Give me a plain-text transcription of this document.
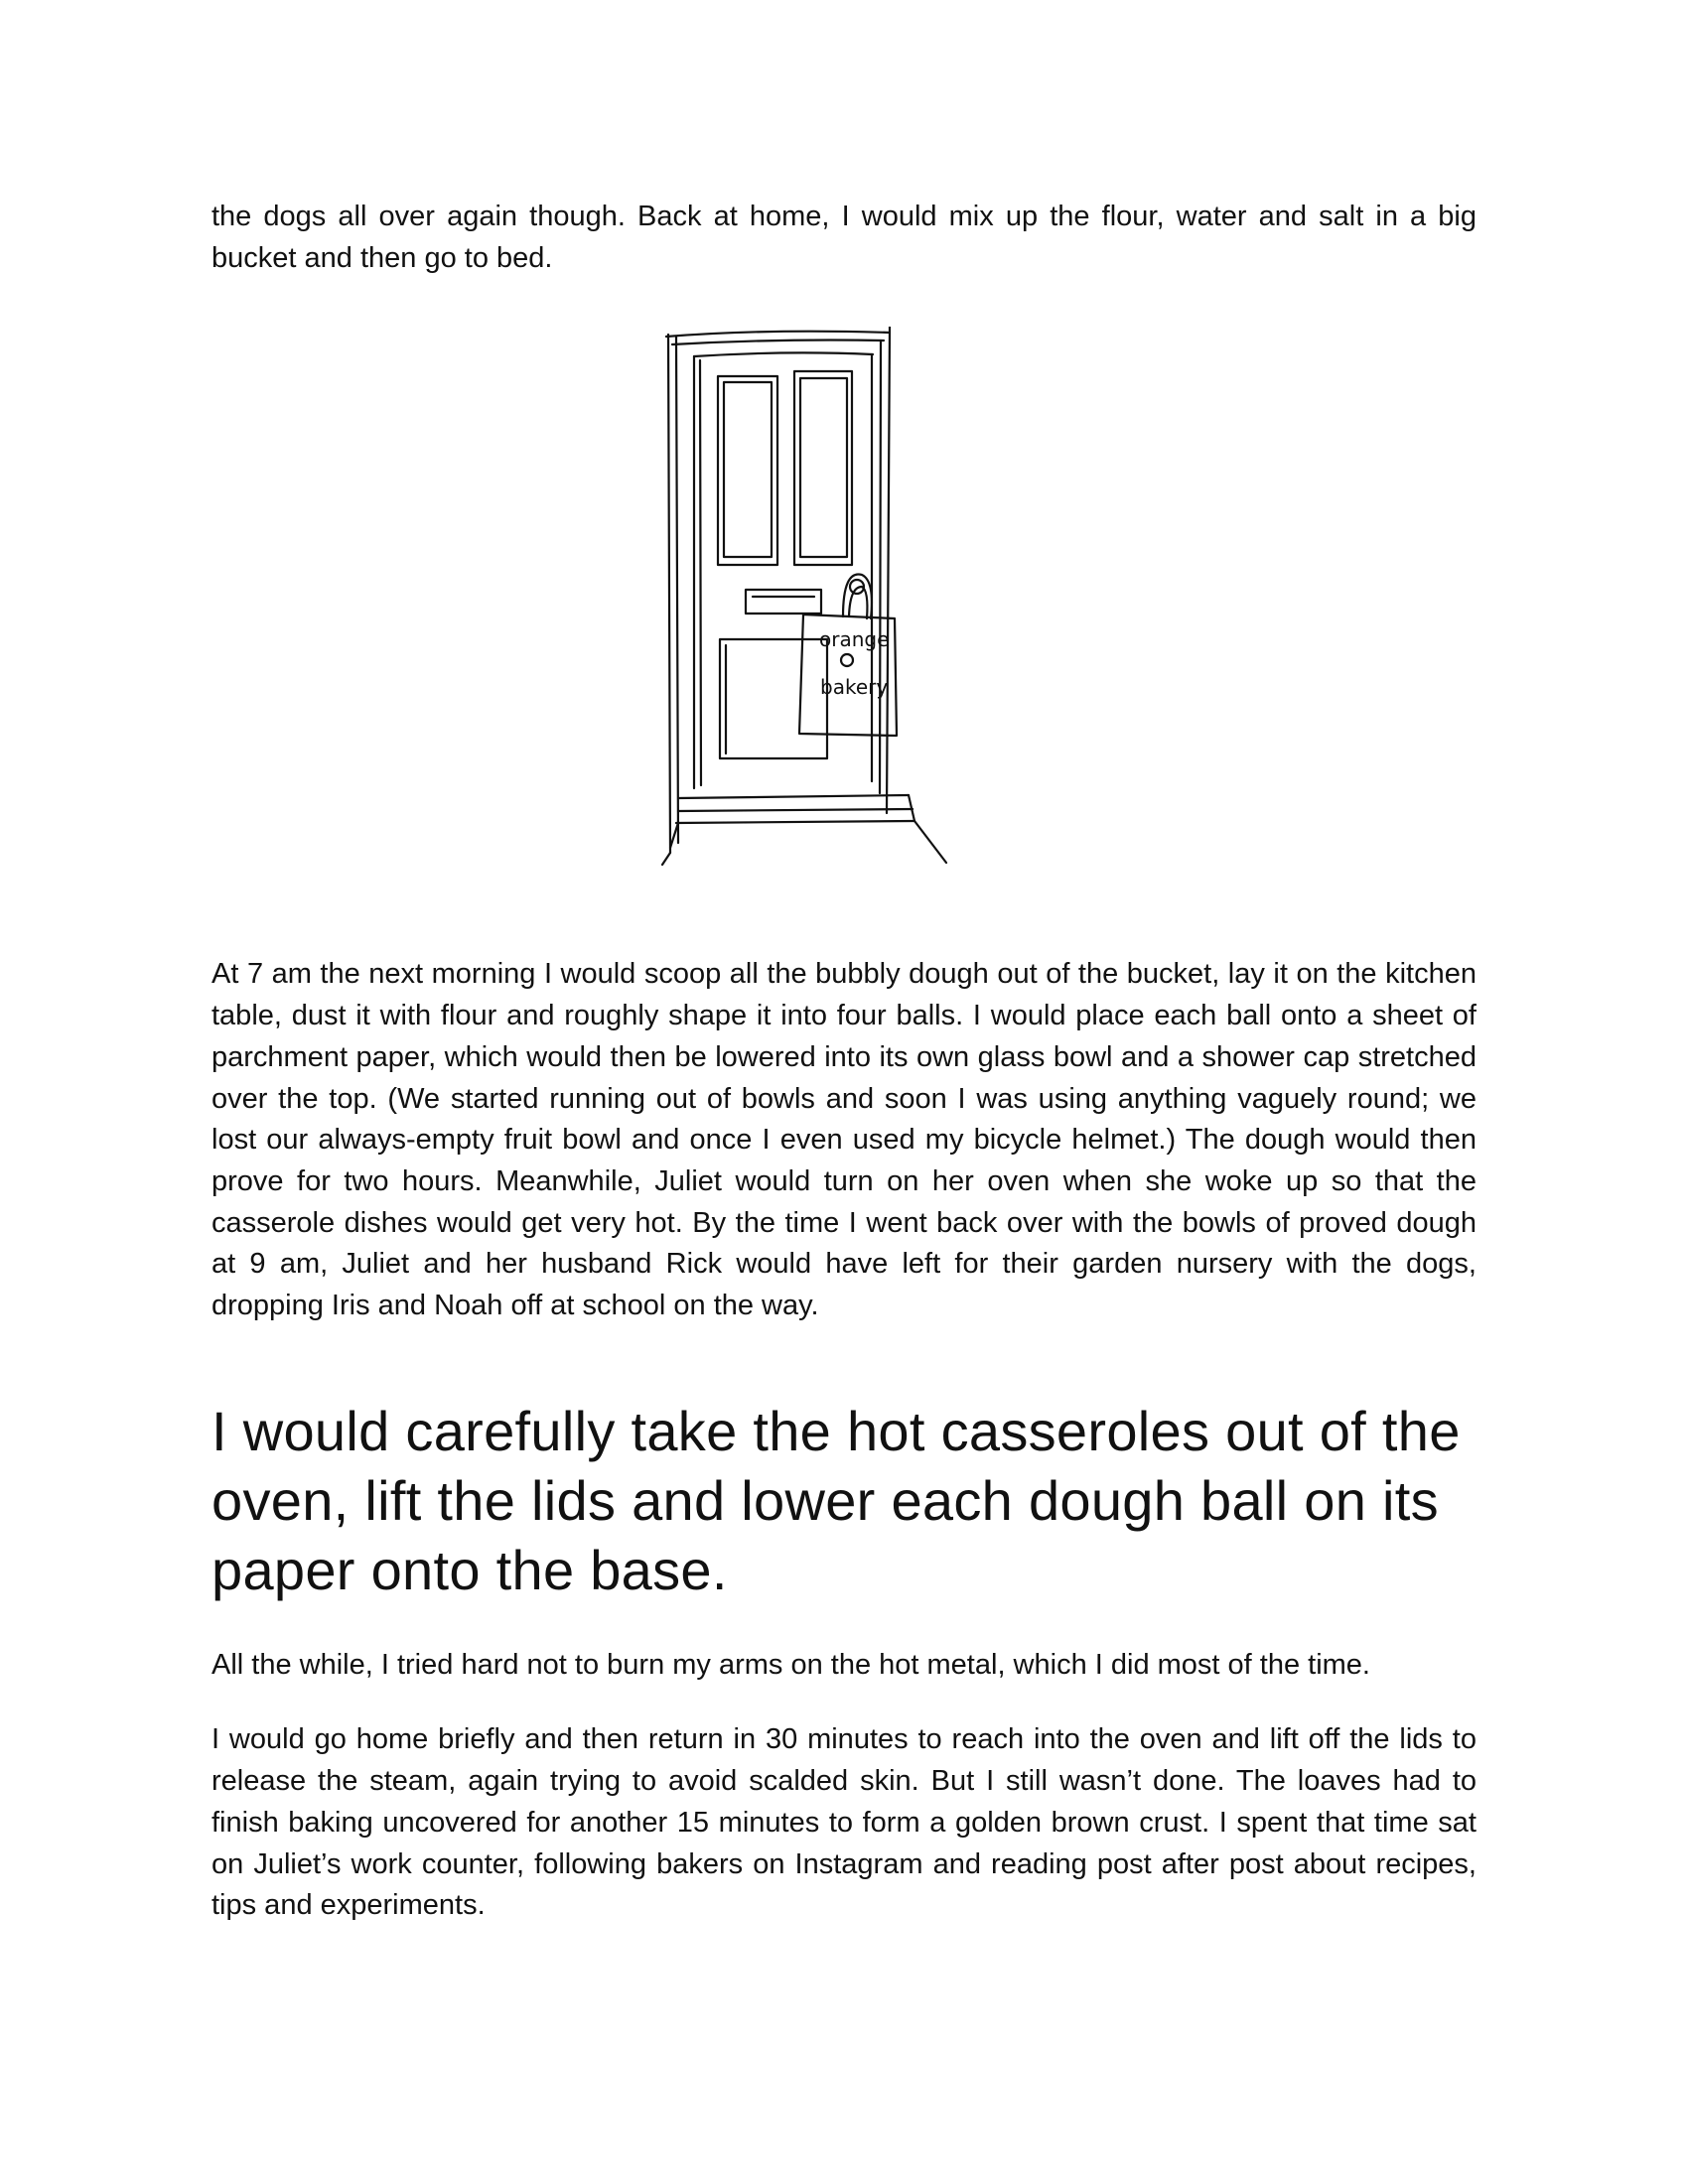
the dogs all over again though. Back at home, I would mix up the flour, water and salt in a big bucket and then go to bed.

orange
bakery

At 7 am the next morning I would scoop all the bubbly dough out of the bucket, lay it on the kitchen table, dust it with flour and roughly shape it into four balls. I would place each ball onto a sheet of parchment paper, which would then be lowered into its own glass bowl and a shower cap stretched over the top. (We started running out of bowls and soon I was using anything vaguely round; we lost our always-empty fruit bowl and once I even used my bicycle helmet.) The dough would then prove for two hours. Meanwhile, Juliet would turn on her oven when she woke up so that the casserole dishes would get very hot. By the time I went back over with the bowls of proved dough at 9 am, Juliet and her husband Rick would have left for their garden nursery with the dogs, dropping Iris and Noah off at school on the way.

I would carefully take the hot casseroles out of the oven, lift the lids and lower each dough ball on its paper onto the base.

All the while, I tried hard not to burn my arms on the hot metal, which I did most of the time.

I would go home briefly and then return in 30 minutes to reach into the oven and lift off the lids to release the steam, again trying to avoid scalded skin. But I still wasn’t done. The loaves had to finish baking uncovered for another 15 minutes to form a golden brown crust. I spent that time sat on Juliet’s work counter, following bakers on Instagram and reading post after post about recipes, tips and experiments.
